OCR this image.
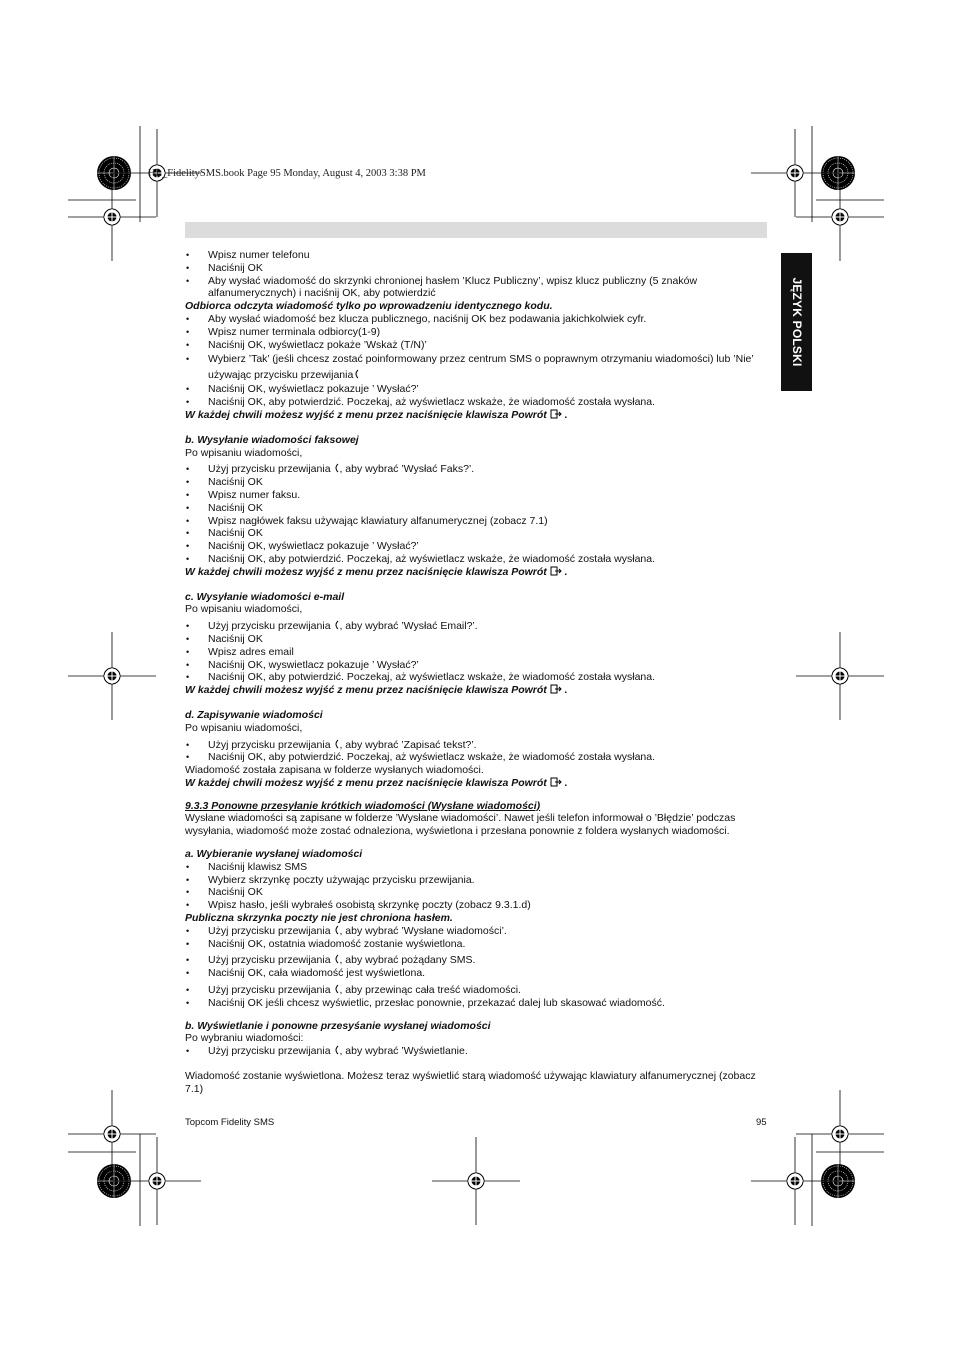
HL_FidelitySMS.book Page 95 Monday, August 4, 2003 3:38 PM
JĘZYK POLSKI

• Wpisz numer telefonu

• Naciśnij OK

• Aby wysłać wiadomość do skrzynki chronionej hasłem ’Klucz Publiczny’, wpisz klucz publiczny (5 znaków alfanumerycznych) i naciśnij OK, aby potwierdzić

Odbiorca odczyta wiadomość tylko po wprowadzeniu identycznego kodu.

• Aby wysłać wiadomość bez klucza publicznego, naciśnij OK bez podawania jakichkolwiek cyfr.

• Wpisz numer terminala odbiorcy(1-9)

• Naciśnij OK, wyświetlacz pokaże ’Wskaż (T/N)’

• Wybierz ’Tak’ (jeśli chcesz zostać poinformowany przez centrum SMS o poprawnym otrzymaniu wiadomości) lub ’Nie’ używając przycisku przewijania

• Naciśnij OK, wyświetlacz pokazuje ’ Wysłać?’

• Naciśnij OK, aby potwierdzić. Poczekaj, aż wyświetlacz wskaże, że wiadomość została wysłana.

W każdej chwili możesz wyjść z menu przez naciśnięcie klawisza Powrót  .

b. Wysyłanie wiadomości faksowej

Po wpisaniu wiadomości,

• Użyj przycisku przewijania , aby wybrać ’Wysłać Faks?’.

• Naciśnij OK

• Wpisz numer faksu.

• Naciśnij OK

• Wpisz nagłówek faksu używając klawiatury alfanumerycznej (zobacz 7.1)

• Naciśnij OK

• Naciśnij OK, wyświetlacz pokazuje ’ Wysłać?’

• Naciśnij OK, aby potwierdzić. Poczekaj, aż wyświetlacz wskaże, że wiadomość została wysłana.

W każdej chwili możesz wyjść z menu przez naciśnięcie klawisza Powrót  .

c. Wysyłanie wiadomości e-mail

Po wpisaniu wiadomości,

• Użyj przycisku przewijania , aby wybrać ’Wysłać Email?’.

• Naciśnij OK

• Wpisz adres email

• Naciśnij OK, wyswietlacz pokazuje ’ Wysłać?’

• Naciśnij OK, aby potwierdzić. Poczekaj, aż wyświetlacz wskaże, że wiadomość została wysłana.

W każdej chwili możesz wyjść z menu przez naciśnięcie klawisza Powrót  .

d. Zapisywanie wiadomości

Po wpisaniu wiadomości,

• Użyj przycisku przewijania , aby wybrać ’Zapisać tekst?’.

• Naciśnij OK, aby potwierdzić. Poczekaj, aż wyświetlacz wskaże, że wiadomość została wysłana.

Wiadomość została zapisana w folderze wysłanych wiadomości.

W każdej chwili możesz wyjść z menu przez naciśnięcie klawisza Powrót  .

9.3.3 Ponowne przesyłanie krótkich wiadomości (Wysłane wiadomości)

Wysłane wiadomości są zapisane w folderze ’Wysłane wiadomości’. Nawet jeśli telefon informował o ’Błędzie’ podczas wysyłania, wiadomość może zostać odnaleziona, wyświetlona i przesłana ponownie z foldera wysłanych wiadomości.

a. Wybieranie wysłanej wiadomości

• Naciśnij klawisz SMS

• Wybierz skrzynkę poczty używając przycisku przewijania.

• Naciśnij OK

• Wpisz hasło, jeśli wybrałeś osobistą skrzynkę poczty (zobacz 9.3.1.d)

Publiczna skrzynka poczty nie jest chroniona hasłem.

• Użyj przycisku przewijania , aby wybrać ’Wysłane wiadomości’.

• Naciśnij OK, ostatnia wiadomość zostanie wyświetlona.

• Użyj przycisku przewijania , aby wybrać pożądany SMS.

• Naciśnij OK, cała wiadomość jest wyświetlona.

• Użyj przycisku przewijania , aby przewinąc cała treść wiadomości.

• Naciśnij OK jeśli chcesz wyświetlic, przesłac ponownie, przekazać dalej lub skasować wiadomość.

b. Wyświetlanie i ponowne przesyśanie wysłanej wiadomości

Po wybraniu wiadomości:

• Użyj przycisku przewijania , aby wybrać ’Wyświetlanie.

Wiadomość zostanie wyświetlona. Możesz teraz wyświetlić starą wiadomość używając klawiatury alfanumerycznej (zobacz 7.1)

Topcom Fidelity SMS	95
